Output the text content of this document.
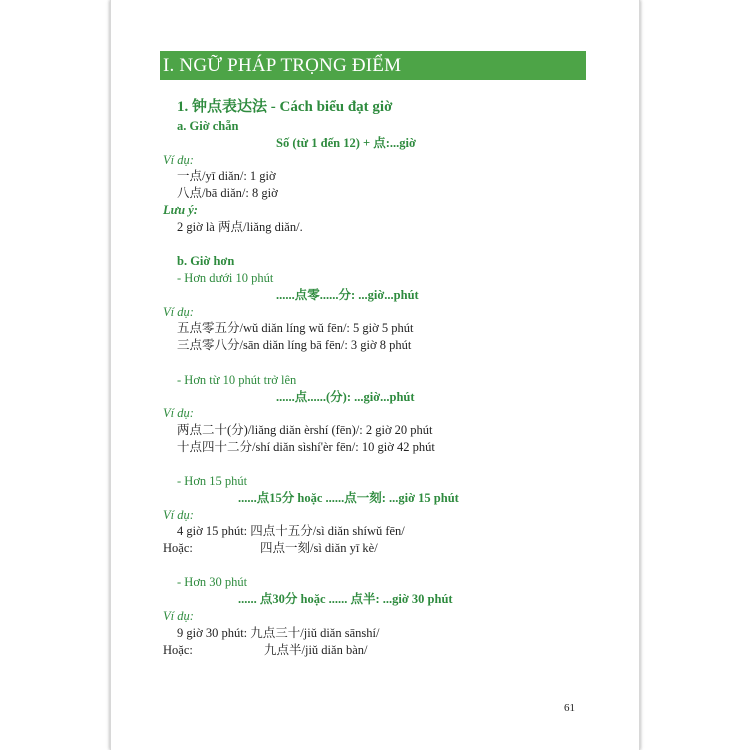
I. NGỮ PHÁP TRỌNG ĐIỂM
1. 钟点表达法 - Cách biểu đạt giờ
a. Giờ chẵn
Số (từ 1 đến 12) + 点:...giờ
Ví dụ:
一点/yī diǎn/: 1 giờ
八点/bā diǎn/: 8 giờ
Lưu ý:
2 giờ là 两点/liǎng diǎn/.
b. Giờ hơn
- Hơn dưới 10 phút
......点零......分: ...giờ...phút
Ví dụ:
五点零五分/wǔ diǎn líng wǔ fēn/: 5 giờ 5 phút
三点零八分/sān diǎn líng bā fēn/: 3 giờ 8 phút
- Hơn từ 10 phút trở lên
......点......(分): ...giờ...phút
Ví dụ:
两点二十(分)/liǎng diǎn èrshí (fēn)/: 2 giờ 20 phút
十点四十二分/shí diǎn sìshí'èr fēn/: 10 giờ 42 phút
- Hơn 15 phút
......点15分 hoặc ......点一刻: ...giờ 15 phút
Ví dụ:
4 giờ 15 phút: 四点十五分/sì diǎn shíwǔ fēn/
Hoặc:	四点一刻/sì diǎn yī kè/
- Hơn 30 phút
...... 点30分 hoặc ...... 点半: ...giờ 30 phút
Ví dụ:
9 giờ 30 phút: 九点三十/jiǔ diǎn sānshí/
Hoặc:	九点半/jiǔ diǎn bàn/
61
